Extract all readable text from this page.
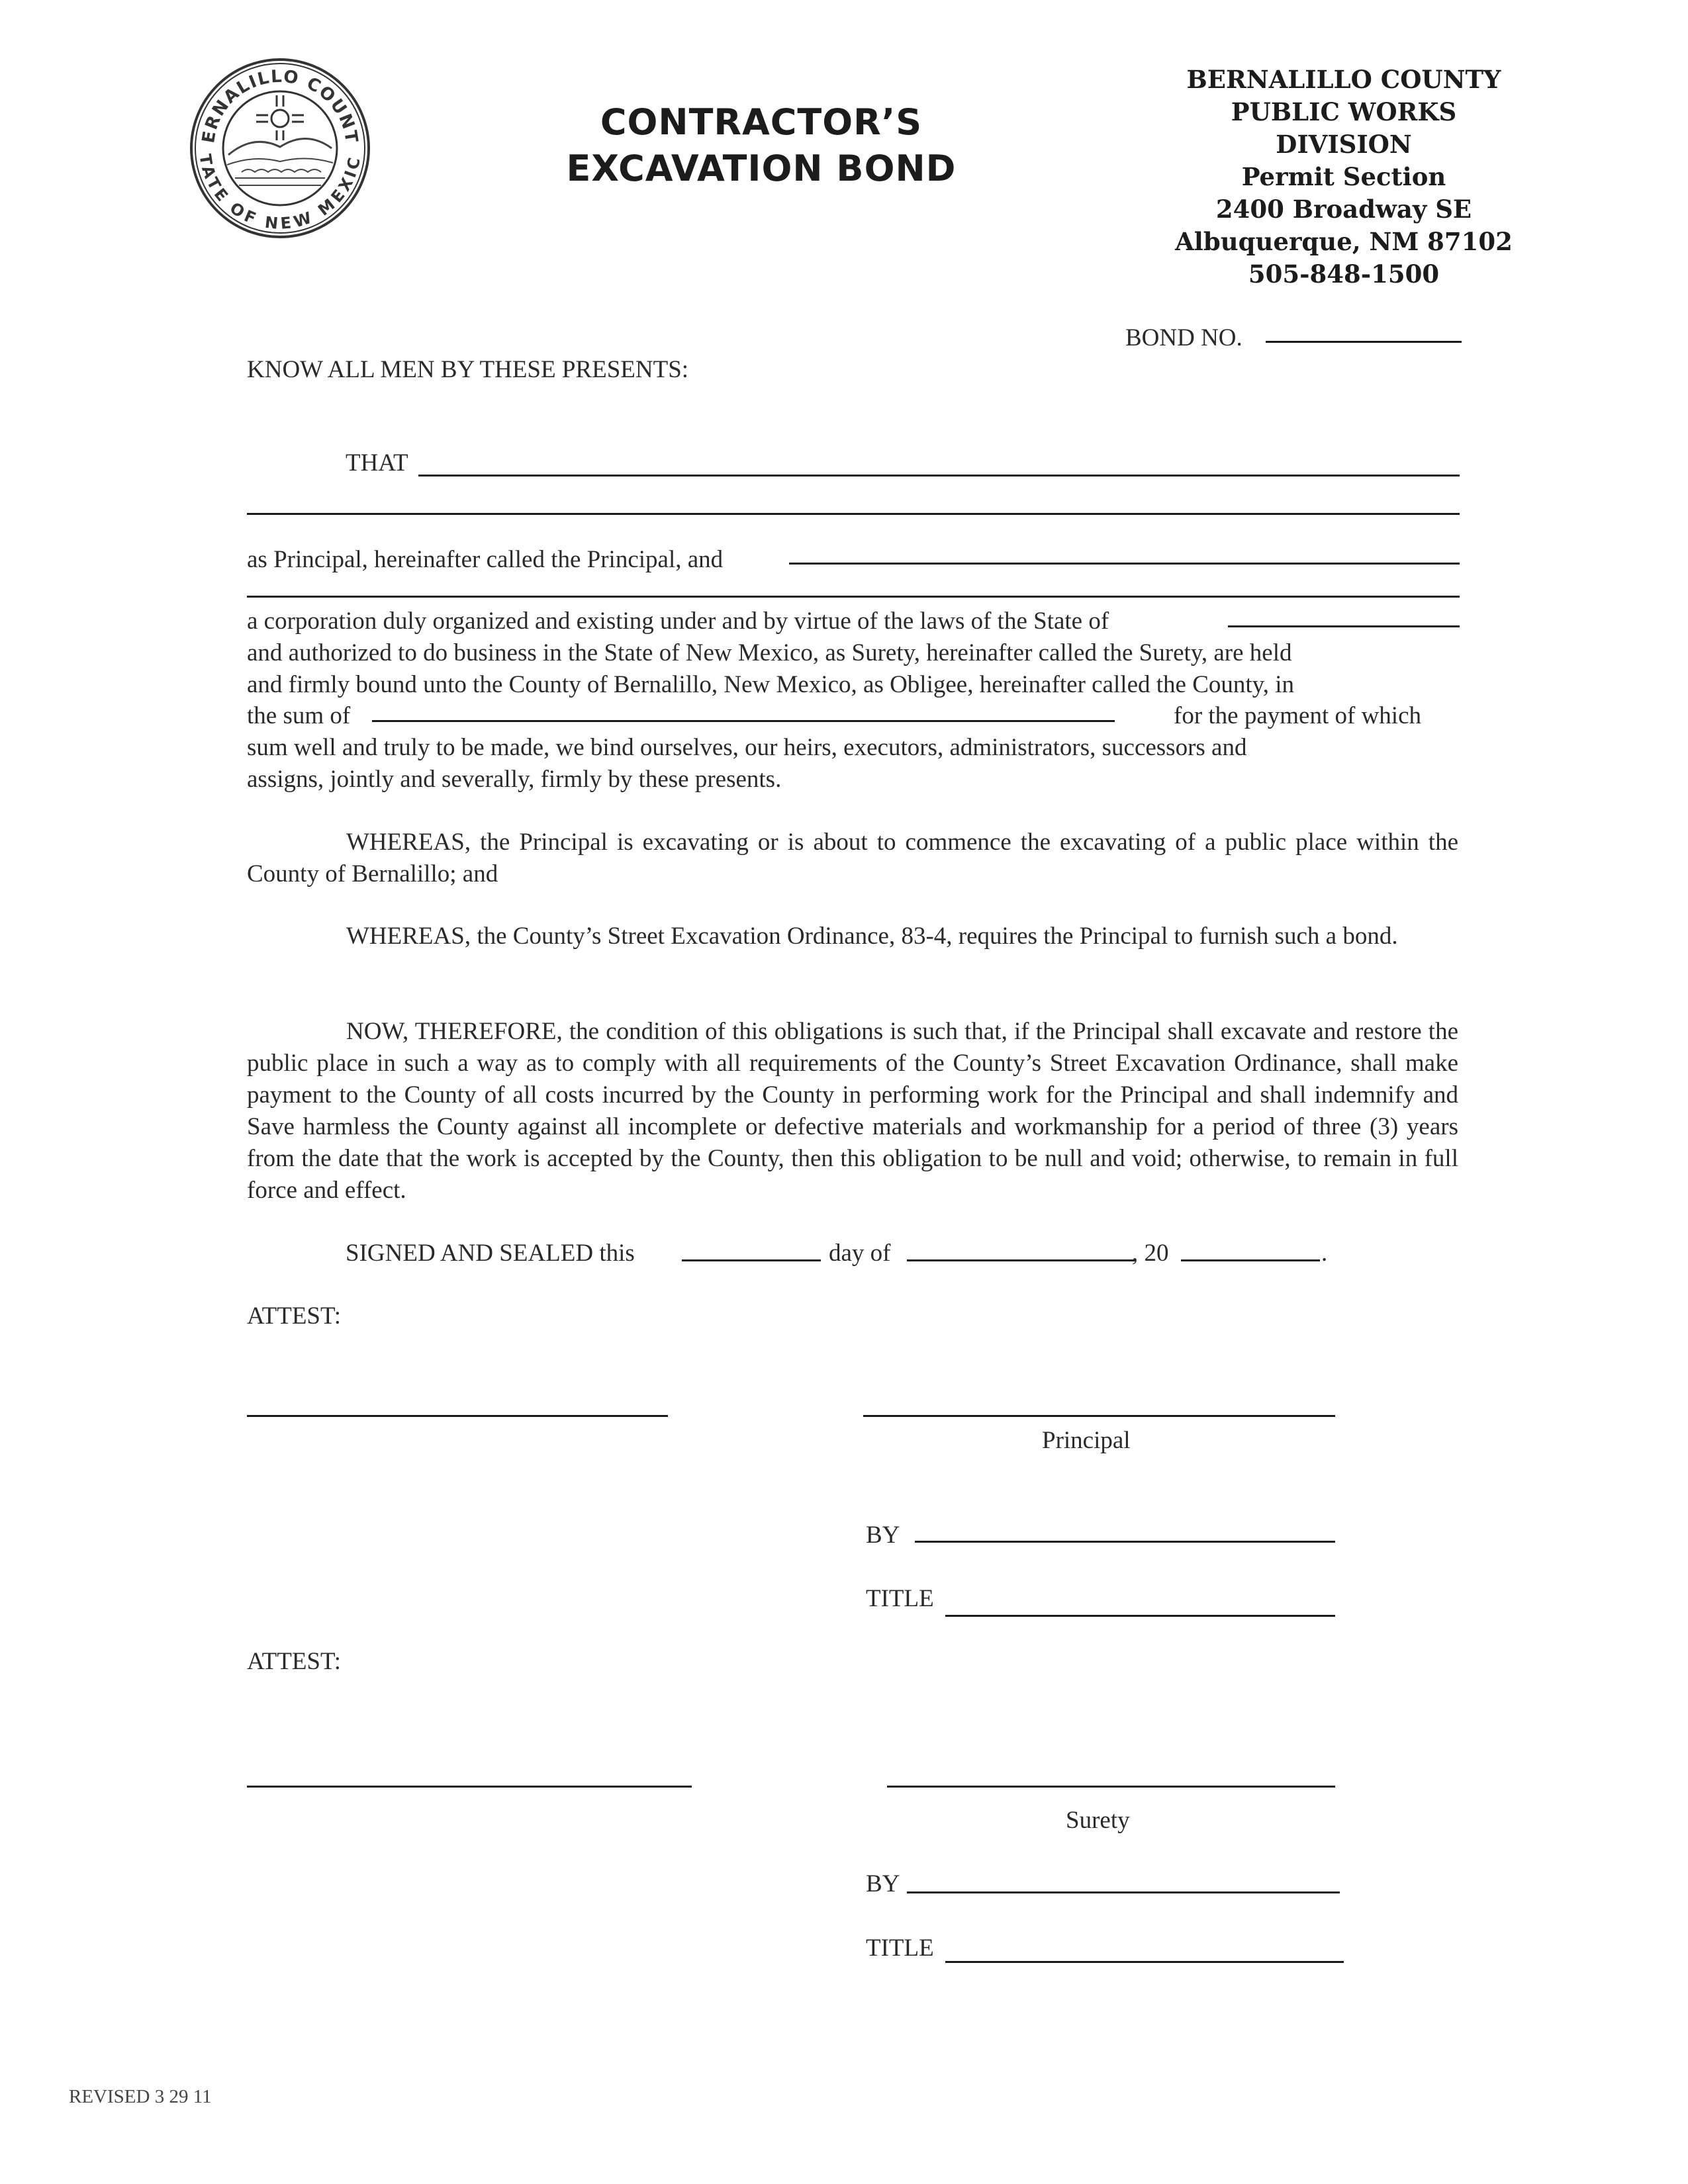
ERNALILLO COUNT
TATE OF NEW MEXIC
CONTRACTOR’S
EXCAVATION BOND
BERNALILLO COUNTY
PUBLIC WORKS DIVISION
Permit Section
2400 Broadway SE
Albuquerque, NM 87102
505-848-1500
BOND NO.
KNOW ALL MEN BY THESE PRESENTS:
THAT
as Principal, hereinafter called the Principal, and
a corporation duly organized and existing under and by virtue of the laws of the State of
and authorized to do business in the State of New Mexico, as Surety, hereinafter called the Surety, are held
and firmly bound unto the County of Bernalillo, New Mexico, as Obligee, hereinafter called the County, in
the sum of	for the payment of which
sum well and truly to be made, we bind ourselves, our heirs, executors, administrators, successors and
assigns, jointly and severally, firmly by these presents.
WHEREAS, the Principal is excavating or is about to commence the excavating of a public place within the County of Bernalillo; and
WHEREAS, the County’s Street Excavation Ordinance, 83-4, requires the Principal to furnish such a bond.
NOW, THEREFORE, the condition of this obligations is such that, if the Principal shall excavate and restore the public place in such a way as to comply with all requirements of the County’s Street Excavation Ordinance, shall make payment to the County of all costs incurred by the County in performing work for the Principal and shall indemnify and Save harmless the County against all incomplete or defective materials and workmanship for a period of three (3) years from the date that the work is accepted by the County, then this obligation to be null and void; otherwise, to remain in full force and effect.
SIGNED AND SEALED this	day of	, 20	.
ATTEST:
Principal
BY
TITLE
ATTEST:
Surety
BY
TITLE
REVISED 3 29 11
